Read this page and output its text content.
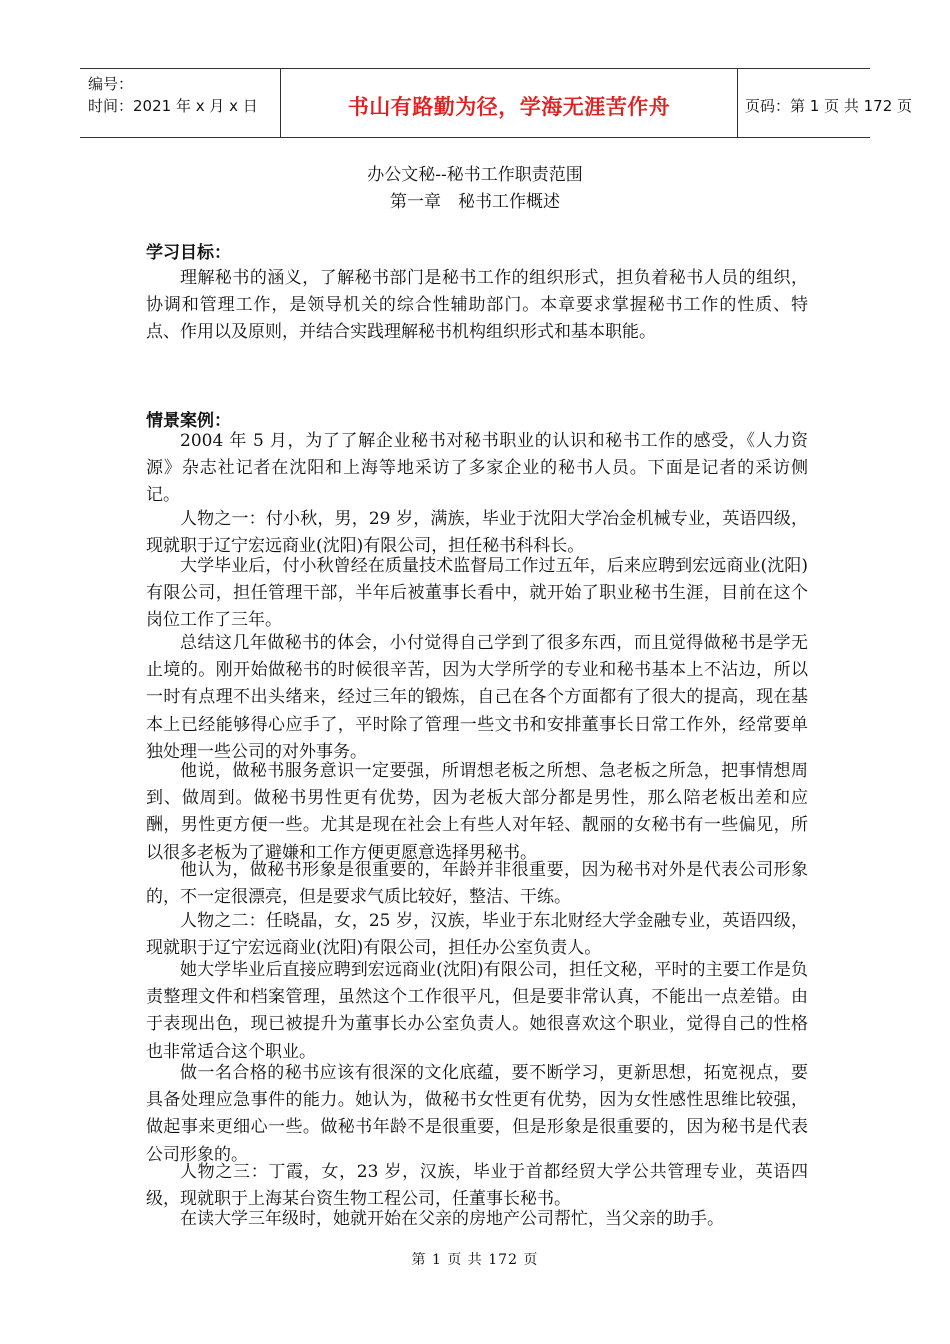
编号：
时间：2021 年 x 月 x 日	书山有路勤为径，学海无涯苦作舟	页码：第 1 页 共 172 页
办公文秘--秘书工作职责范围
第一章　秘书工作概述
学习目标：

理解秘书的涵义，了解秘书部门是秘书工作的组织形式，担负着秘书人员的组织，协调和管理工作，是领导机关的综合性辅助部门。本章要求掌握秘书工作的性质、特点、作用以及原则，并结合实践理解秘书机构组织形式和基本职能。

情景案例：

2004 年 5 月，为了了解企业秘书对秘书职业的认识和秘书工作的感受，《人力资源》杂志社记者在沈阳和上海等地采访了多家企业的秘书人员。下面是记者的采访侧记。

人物之一：付小秋，男，29 岁，满族，毕业于沈阳大学冶金机械专业，英语四级，现就职于辽宁宏远商业(沈阳)有限公司，担任秘书科科长。

大学毕业后，付小秋曾经在质量技术监督局工作过五年，后来应聘到宏远商业(沈阳)有限公司，担任管理干部，半年后被董事长看中，就开始了职业秘书生涯，目前在这个岗位工作了三年。

总结这几年做秘书的体会，小付觉得自己学到了很多东西，而且觉得做秘书是学无止境的。刚开始做秘书的时候很辛苦，因为大学所学的专业和秘书基本上不沾边，所以一时有点理不出头绪来，经过三年的锻炼，自己在各个方面都有了很大的提高，现在基本上已经能够得心应手了，平时除了管理一些文书和安排董事长日常工作外，经常要单独处理一些公司的对外事务。

他说，做秘书服务意识一定要强，所谓想老板之所想、急老板之所急，把事情想周到、做周到。做秘书男性更有优势，因为老板大部分都是男性，那么陪老板出差和应酬，男性更方便一些。尤其是现在社会上有些人对年轻、靓丽的女秘书有一些偏见，所以很多老板为了避嫌和工作方便更愿意选择男秘书。

他认为，做秘书形象是很重要的，年龄并非很重要，因为秘书对外是代表公司形象的，不一定很漂亮，但是要求气质比较好，整洁、干练。

人物之二：任晓晶，女，25 岁，汉族，毕业于东北财经大学金融专业，英语四级，现就职于辽宁宏远商业(沈阳)有限公司，担任办公室负责人。

她大学毕业后直接应聘到宏远商业(沈阳)有限公司，担任文秘，平时的主要工作是负责整理文件和档案管理，虽然这个工作很平凡，但是要非常认真，不能出一点差错。由于表现出色，现已被提升为董事长办公室负责人。她很喜欢这个职业，觉得自己的性格也非常适合这个职业。

做一名合格的秘书应该有很深的文化底蕴，要不断学习，更新思想，拓宽视点，要具备处理应急事件的能力。她认为，做秘书女性更有优势，因为女性感性思维比较强，做起事来更细心一些。做秘书年龄不是很重要，但是形象是很重要的，因为秘书是代表公司形象的。

人物之三：丁霞，女，23 岁，汉族，毕业于首都经贸大学公共管理专业，英语四级，现就职于上海某台资生物工程公司，任董事长秘书。

在读大学三年级时，她就开始在父亲的房地产公司帮忙，当父亲的助手。

第 1 页 共 172 页
